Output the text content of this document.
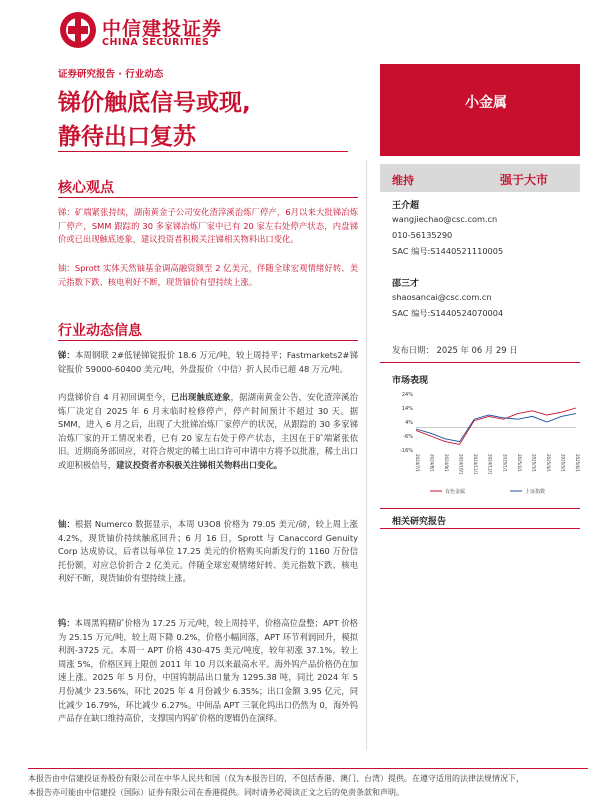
中信建投证券
CHINA SECURITIES
证券研究报告 · 行业动态
锑价触底信号或现,
静待出口复苏
小金属
核心观点
锑：矿端紧张持续，湖南黄金子公司安化渣滓溪治炼厂停产，6月以来大批锑冶炼厂停产，SMM 跟踪的 30 多家锑冶炼厂家中已有 20 家左右处停产状态，内盘锑价或已出现触底迹象，建议投资者积极关注锑相关物料出口变化。
铀：Sprott 实体天然铀基金调高融资额至 2 亿美元，伴随全球宏观情绪好转、美元指数下跌、核电利好不断，现货铀价有望持续上涨。
行业动态信息
锑：本周钢联 2#低铋锑锭报价 18.6 万元/吨，较上周持平；Fastmarkets2#锑锭报价 59000-60400 美元/吨，外盘报价（中信）折人民币已超 48 万元/吨。
内盘锑价自 4 月初回调至今，已出现触底迹象，据湖南黄金公告，安化渣滓溪治炼厂决定自 2025 年 6 月末临时检修停产，停产时间预计不超过 30 天。据 SMM，进入 6 月之后，出现了大批锑冶炼厂家停产的状况，从跟踪的 30 多家锑冶炼厂家的开工情况来看，已有 20 家左右处于停产状态，主因在于矿端紧张依旧。近期商务部回应，对符合规定的稀土出口许可申请中方将予以批准，稀土出口或迎积极信号，建议投资者亦积极关注锑相关物料出口变化。
铀：根据 Numerco 数据显示，本周 U3O8 价格为 79.05 美元/磅，较上周上涨 4.2%，现货铀价持续触底回升；6 月 16 日，Sprott 与 Canaccord Genuity Corp 达成协议，后者以每单位 17.25 美元的价格购买向新发行的 1160 万份信托份额，对应总价折合 2 亿美元。伴随全球宏观情绪好转、美元指数下跌、核电利好不断，现货铀价有望持续上涨。
钨：本周黑钨精矿价格为 17.25 万元/吨，较上周持平，价格高位盘整；APT 价格为 25.15 万元/吨，较上周下降 0.2%，价格小幅回落，APT 环节利润回升，模拟利润-3725 元。本周一 APT 价格 430-475 美元/吨度，较年初涨 37.1%，较上周涨 5%，价格区间上限创 2011 年 10 月以来最高水平。海外钨产品价格仍在加速上涨。2025 年 5 月份，中国钨制品出口量为 1295.38 吨，同比 2024 年 5 月份减少 23.56%，环比 2025 年 4 月份减少 6.35%；出口金额 3.95 亿元，同比减少 16.79%，环比减少 6.27%。中间品 APT 三氧化钨出口仍然为 0，海外钨产品存在缺口维持高价，支撑国内钨矿价格的逻辑仍在演绎。
维持	强于大市
王介超
wangjiechao@csc.com.cn
010-56135290
SAC 编号:S1440521110005
邵三才
shaosancai@csc.com.cn
SAC 编号:S1440524070004
发布日期： 2025 年 06 月 29 日
市场表现
24%
14%
4%
-6%
-16%
2024/7/1 2024/8/1 2024/9/1 2024/10/1 2024/11/1 2024/12/1 2025/1/1 2025/2/1 2025/3/1 2025/4/1 2025/5/1 2025/6/1
有色金属	上证指数
相关研究报告
本报告由中信建投证券股份有限公司在中华人民共和国（仅为本报告目的，不包括香港、澳门、台湾）提供。在遵守适用的法律法规情况下，
本报告亦可能由中信建投（国际）证券有限公司在香港提供。同时请务必阅读正文之后的免责条款和声明。
